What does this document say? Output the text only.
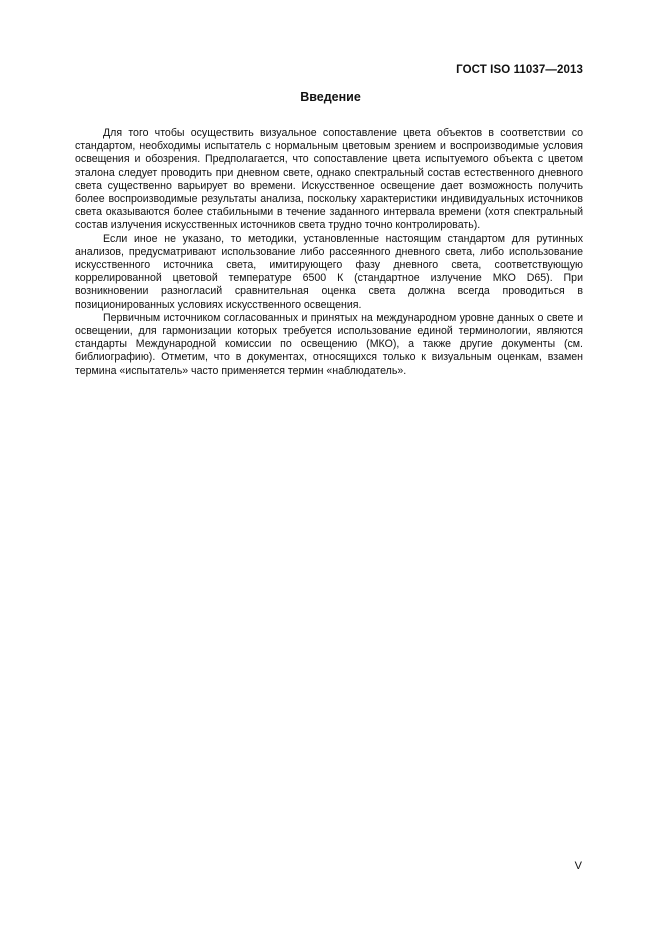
ГОСТ ISO 11037—2013
Введение

Для того чтобы осуществить визуальное сопоставление цвета объектов в соответствии со стандартом, необходимы испытатель с нормальным цветовым зрением и воспроизводимые условия освещения и обозрения. Предполагается, что сопоставление цвета испытуемого объекта с цветом эталона следует проводить при дневном свете, однако спектральный состав естественного дневного света существенно варьирует во времени. Искусственное освещение дает возможность получить более воспроизводимые результаты анализа, поскольку характеристики индивидуальных источников света оказываются более стабильными в течение заданного интервала времени (хотя спектральный состав излучения искусственных источников света трудно точно контролировать).

Если иное не указано, то методики, установленные настоящим стандартом для рутинных анализов, предусматривают использование либо рассеянного дневного света, либо использование искусственного источника света, имитирующего фазу дневного света, соответствующую коррелированной цветовой температуре 6500 К (стандартное излучение МКО D65). При возникновении разногласий сравнительная оценка света должна всегда проводиться в позиционированных условиях искусственного освещения.

Первичным источником согласованных и принятых на международном уровне данных о свете и освещении, для гармонизации которых требуется использование единой терминологии, являются стандарты Международной комиссии по освещению (МКО), а также другие документы (см. библиографию). Отметим, что в документах, относящихся только к визуальным оценкам, взамен термина «испытатель» часто применяется термин «наблюдатель».

V
